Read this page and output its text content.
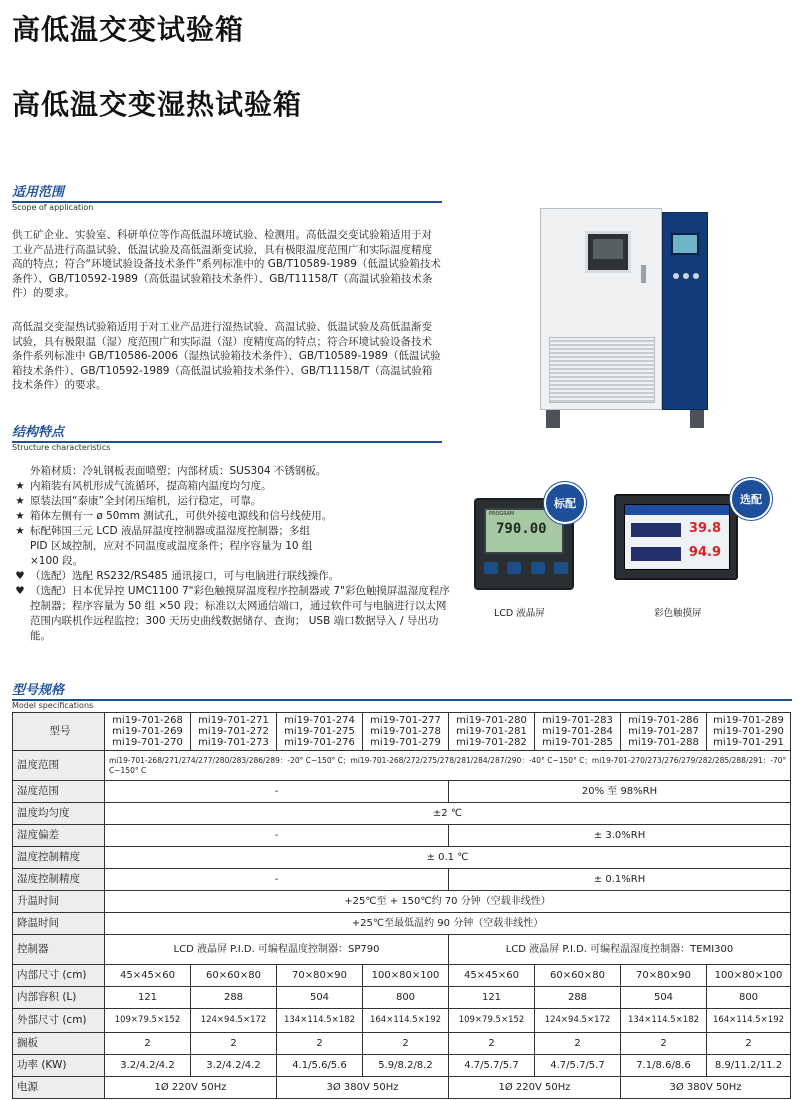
高低温交变试验箱
高低温交变湿热试验箱
适用范围
Scope of application
供工矿企业、实验室、科研单位等作高低温环境试验、检测用。高低温交变试验箱适用于对工业产品进行高温试验、低温试验及高低温渐变试验，具有极限温度范围广和实际温度精度高的特点；符合“环境试验设备技术条件”系列标准中的 GB/T10589-1989（低温试验箱技术条件）、GB/T10592-1989（高低温试验箱技术条件）、GB/T11158/T（高温试验箱技术条件）的要求。
高低温交变湿热试验箱适用于对工业产品进行湿热试验、高温试验、低温试验及高低温渐变试验，具有极限温（湿）度范围广和实际温（湿）度精度高的特点；符合环境试验设备技术条件系列标准中 GB/T10586-2006（湿热试验箱技术条件）、GB/T10589-1989（低温试验箱技术条件）、GB/T10592-1989（高低温试验箱技术条件）、GB/T11158/T（高温试验箱技术条件）的要求。
结构特点
Structure characteristics
外箱材质：冷轧钢板表面喷塑；内部材质：SUS304 不锈钢板。
★ 内箱装有风机形成气流循环，提高箱内温度均匀度。
★ 原装法国“泰康”全封闭压缩机，运行稳定，可靠。
★ 箱体左侧有一 ø 50mm 测试孔，可供外接电源线和信号线使用。
★ 标配韩国三元 LCD 液晶屏温度控制器或温湿度控制器；多组 PID 区域控制，应对不同温度或温度条件；程序容量为 10 组 ×100 段。
♥ （选配）选配 RS232/RS485 通讯接口，可与电脑进行联线操作。
♥ （选配）日本优异控 UMC1100 7"彩色触摸屏温度程序控制器或 7"彩色触摸屏温湿度程序控制器；程序容量为 50 组 ×50 段；标准以太网通信端口，通过软件可与电脑进行以太网范围内联机作远程监控；300 天历史曲线数据储存、查询； USB 端口数据导入 / 导出功能。
PROGRAM
790.00
标配
LCD 液晶屏
39.8
94.9
选配
彩色触摸屏
型号规格
Model specifications
型号	mi19-701-268 mi19-701-269 mi19-701-270	mi19-701-271 mi19-701-272 mi19-701-273	mi19-701-274 mi19-701-275 mi19-701-276	mi19-701-277 mi19-701-278 mi19-701-279	mi19-701-280 mi19-701-281 mi19-701-282	mi19-701-283 mi19-701-284 mi19-701-285	mi19-701-286 mi19-701-287 mi19-701-288	mi19-701-289 mi19-701-290 mi19-701-291
温度范围	mi19-701-268/271/274/277/280/283/286/289：-20° C~150° C；mi19-701-268/272/275/278/281/284/287/290：-40° C~150° C；mi19-701-270/273/276/279/282/285/288/291：-70° C~150° C							
湿度范围	-				20% 至 98%RH			
温度均匀度	±2 ℃							
湿度偏差	-				± 3.0%RH			
温度控制精度	± 0.1 ℃							
湿度控制精度	-				± 0.1%RH			
升温时间	+25℃至 + 150℃约 70 分钟（空载非线性）							
降温时间	+25℃至最低温约 90 分钟（空载非线性）							
控制器	LCD 液晶屏 P.I.D. 可编程温度控制器：SP790				LCD 液晶屏 P.I.D. 可编程温湿度控制器：TEMI300			
内部尺寸 (cm)	45×45×60	60×60×80	70×80×90	100×80×100	45×45×60	60×60×80	70×80×90	100×80×100
内部容积 (L)	121	288	504	800	121	288	504	800
外部尺寸 (cm)	109×79.5×152	124×94.5×172	134×114.5×182	164×114.5×192	109×79.5×152	124×94.5×172	134×114.5×182	164×114.5×192
搁板	2	2	2	2	2	2	2	2
功率 (KW)	3.2/4.2/4.2	3.2/4.2/4.2	4.1/5.6/5.6	5.9/8.2/8.2	4.7/5.7/5.7	4.7/5.7/5.7	7.1/8.6/8.6	8.9/11.2/11.2
电源	1Ø 220V 50Hz		3Ø 380V 50Hz		1Ø 220V 50Hz		3Ø 380V 50Hz	
